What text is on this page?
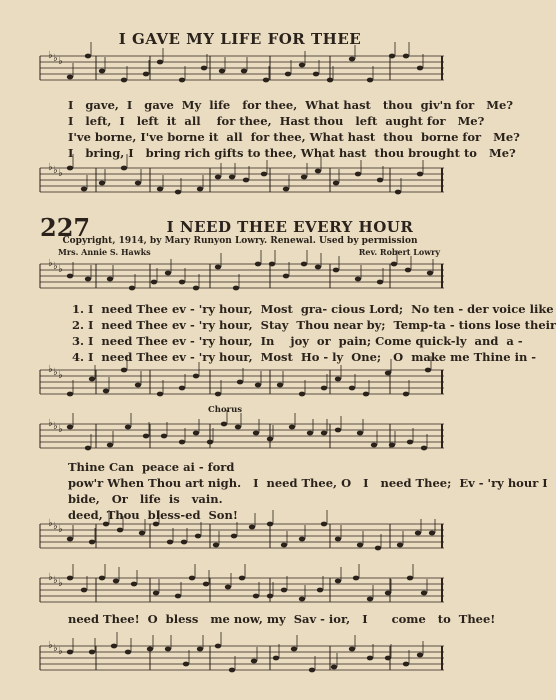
I GAVE MY LIFE FOR THEE
♭ ♭ ♭
I   gave,  I   gave  My  life   for thee,  What hast   thou  giv'n for   Me?
I   left,  I   left  it  all    for thee,  Hast thou   left  aught for   Me?
I've borne, I've borne it  all  for thee, What hast  thou  borne for   Me?
I   bring, I   bring rich gifts to thee, What hast  thou brought to   Me?
♭ ♭ ♭
227	I NEED THEE EVERY HOUR
Copyright, 1914, by Mary Runyon Lowry. Renewal. Used by permission
Mrs. Annie S. Hawks	Rev. Robert Lowry
♭ ♭ ♭
1. I  need Thee ev - 'ry hour,  Most  gra- cious Lord;  No ten - der voice like
2. I  need Thee ev - 'ry hour,  Stay  Thou near by;  Temp-ta - tions lose their
3. I  need Thee ev - 'ry hour,  In    joy  or  pain; Come quick-ly  and  a -
4. I  need Thee ev - 'ry hour,  Most  Ho - ly  One;   O  make me Thine in -
♭ ♭ ♭
Chorus
♭ ♭ ♭
Thine Can  peace ai - ford
pow'r When Thou art nigh.   I  need Thee, O   I   need Thee;  Ev - 'ry hour I
bide,   Or   life  is   vain.
deed, Thou  bless-ed  Son!
♭ ♭ ♭
♭ ♭ ♭
need Thee!  O  bless   me now, my  Sav - ior,   I      come   to  Thee!
♭ ♭ ♭
